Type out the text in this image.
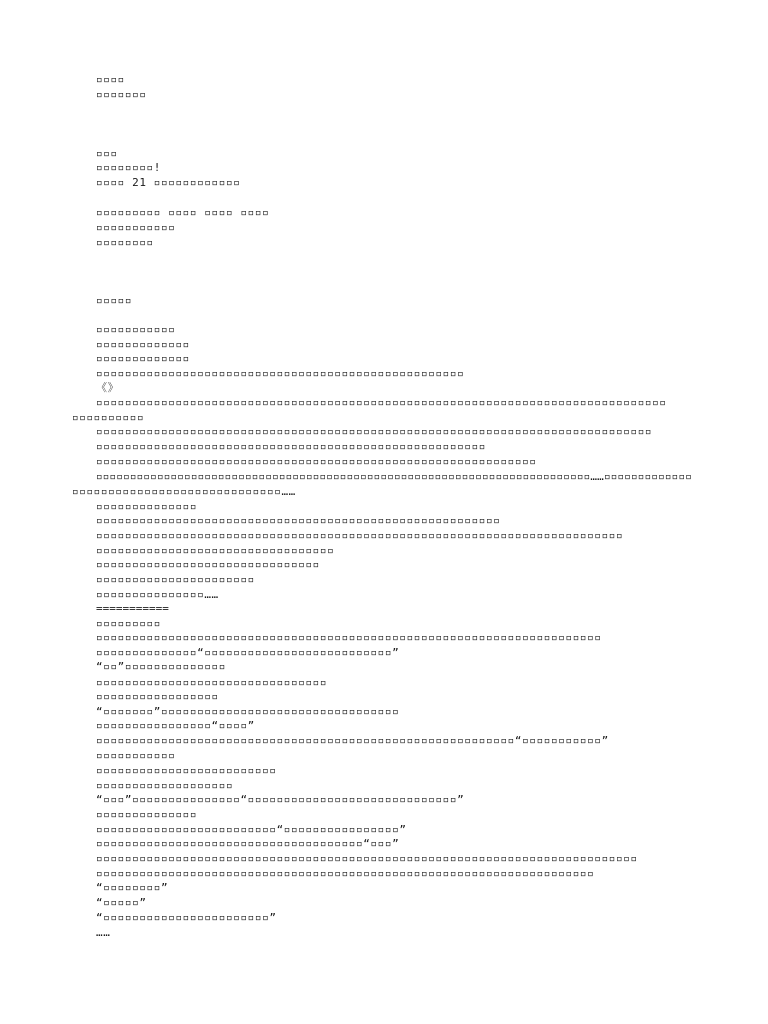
▫▫▫▫
▫▫▫▫▫▫▫
▫▫▫
▫▫▫▫▫▫▫▫!
▫▫▫▫ 21 ▫▫▫▫▫▫▫▫▫▫▫▫
▫▫▫▫▫▫▫▫▫ ▫▫▫▫ ▫▫▫▫ ▫▫▫▫
▫▫▫▫▫▫▫▫▫▫▫
▫▫▫▫▫▫▫▫
▫▫▫▫▫
▫▫▫▫▫▫▫▫▫▫▫
▫▫▫▫▫▫▫▫▫▫▫▫▫
▫▫▫▫▫▫▫▫▫▫▫▫▫
▫▫▫▫▫▫▫▫▫▫▫▫▫▫▫▫▫▫▫▫▫▫▫▫▫▫▫▫▫▫▫▫▫▫▫▫▫▫▫▫▫▫▫▫▫▫▫▫▫▫▫
《》
▫▫▫▫▫▫▫▫▫▫▫▫▫▫▫▫▫▫▫▫▫▫▫▫▫▫▫▫▫▫▫▫▫▫▫▫▫▫▫▫▫▫▫▫▫▫▫▫▫▫▫▫▫▫▫▫▫▫▫▫▫▫▫▫▫▫▫▫▫▫▫▫▫▫▫▫▫▫▫
▫▫▫▫▫▫▫▫▫▫
▫▫▫▫▫▫▫▫▫▫▫▫▫▫▫▫▫▫▫▫▫▫▫▫▫▫▫▫▫▫▫▫▫▫▫▫▫▫▫▫▫▫▫▫▫▫▫▫▫▫▫▫▫▫▫▫▫▫▫▫▫▫▫▫▫▫▫▫▫▫▫▫▫▫▫▫▫
▫▫▫▫▫▫▫▫▫▫▫▫▫▫▫▫▫▫▫▫▫▫▫▫▫▫▫▫▫▫▫▫▫▫▫▫▫▫▫▫▫▫▫▫▫▫▫▫▫▫▫▫▫▫
▫▫▫▫▫▫▫▫▫▫▫▫▫▫▫▫▫▫▫▫▫▫▫▫▫▫▫▫▫▫▫▫▫▫▫▫▫▫▫▫▫▫▫▫▫▫▫▫▫▫▫▫▫▫▫▫▫▫▫▫▫
▫▫▫▫▫▫▫▫▫▫▫▫▫▫▫▫▫▫▫▫▫▫▫▫▫▫▫▫▫▫▫▫▫▫▫▫▫▫▫▫▫▫▫▫▫▫▫▫▫▫▫▫▫▫▫▫▫▫▫▫▫▫▫▫▫▫▫▫▫▫▫▫▫……▫▫▫▫▫▫▫▫▫▫▫▫▫
▫▫▫▫▫▫▫▫▫▫▫▫▫▫▫▫▫▫▫▫▫▫▫▫▫▫▫▫▫……
▫▫▫▫▫▫▫▫▫▫▫▫▫▫
▫▫▫▫▫▫▫▫▫▫▫▫▫▫▫▫▫▫▫▫▫▫▫▫▫▫▫▫▫▫▫▫▫▫▫▫▫▫▫▫▫▫▫▫▫▫▫▫▫▫▫▫▫▫▫▫
▫▫▫▫▫▫▫▫▫▫▫▫▫▫▫▫▫▫▫▫▫▫▫▫▫▫▫▫▫▫▫▫▫▫▫▫▫▫▫▫▫▫▫▫▫▫▫▫▫▫▫▫▫▫▫▫▫▫▫▫▫▫▫▫▫▫▫▫▫▫▫▫▫
▫▫▫▫▫▫▫▫▫▫▫▫▫▫▫▫▫▫▫▫▫▫▫▫▫▫▫▫▫▫▫▫▫
▫▫▫▫▫▫▫▫▫▫▫▫▫▫▫▫▫▫▫▫▫▫▫▫▫▫▫▫▫▫▫
▫▫▫▫▫▫▫▫▫▫▫▫▫▫▫▫▫▫▫▫▫▫
▫▫▫▫▫▫▫▫▫▫▫▫▫▫▫……
===========
▫▫▫▫▫▫▫▫▫
▫▫▫▫▫▫▫▫▫▫▫▫▫▫▫▫▫▫▫▫▫▫▫▫▫▫▫▫▫▫▫▫▫▫▫▫▫▫▫▫▫▫▫▫▫▫▫▫▫▫▫▫▫▫▫▫▫▫▫▫▫▫▫▫▫▫▫▫▫▫
▫▫▫▫▫▫▫▫▫▫▫▫▫▫“▫▫▫▫▫▫▫▫▫▫▫▫▫▫▫▫▫▫▫▫▫▫▫▫▫▫”
“▫▫”▫▫▫▫▫▫▫▫▫▫▫▫▫▫
▫▫▫▫▫▫▫▫▫▫▫▫▫▫▫▫▫▫▫▫▫▫▫▫▫▫▫▫▫▫▫▫
▫▫▫▫▫▫▫▫▫▫▫▫▫▫▫▫▫
“▫▫▫▫▫▫▫”▫▫▫▫▫▫▫▫▫▫▫▫▫▫▫▫▫▫▫▫▫▫▫▫▫▫▫▫▫▫▫▫▫
▫▫▫▫▫▫▫▫▫▫▫▫▫▫▫▫“▫▫▫▫”
▫▫▫▫▫▫▫▫▫▫▫▫▫▫▫▫▫▫▫▫▫▫▫▫▫▫▫▫▫▫▫▫▫▫▫▫▫▫▫▫▫▫▫▫▫▫▫▫▫▫▫▫▫▫▫▫▫▫“▫▫▫▫▫▫▫▫▫▫▫”
▫▫▫▫▫▫▫▫▫▫▫
▫▫▫▫▫▫▫▫▫▫▫▫▫▫▫▫▫▫▫▫▫▫▫▫▫
▫▫▫▫▫▫▫▫▫▫▫▫▫▫▫▫▫▫▫
“▫▫▫”▫▫▫▫▫▫▫▫▫▫▫▫▫▫▫“▫▫▫▫▫▫▫▫▫▫▫▫▫▫▫▫▫▫▫▫▫▫▫▫▫▫▫▫▫”
▫▫▫▫▫▫▫▫▫▫▫▫▫▫
▫▫▫▫▫▫▫▫▫▫▫▫▫▫▫▫▫▫▫▫▫▫▫▫▫“▫▫▫▫▫▫▫▫▫▫▫▫▫▫▫▫”
▫▫▫▫▫▫▫▫▫▫▫▫▫▫▫▫▫▫▫▫▫▫▫▫▫▫▫▫▫▫▫▫▫▫▫▫▫“▫▫▫”
▫▫▫▫▫▫▫▫▫▫▫▫▫▫▫▫▫▫▫▫▫▫▫▫▫▫▫▫▫▫▫▫▫▫▫▫▫▫▫▫▫▫▫▫▫▫▫▫▫▫▫▫▫▫▫▫▫▫▫▫▫▫▫▫▫▫▫▫▫▫▫▫▫▫▫
▫▫▫▫▫▫▫▫▫▫▫▫▫▫▫▫▫▫▫▫▫▫▫▫▫▫▫▫▫▫▫▫▫▫▫▫▫▫▫▫▫▫▫▫▫▫▫▫▫▫▫▫▫▫▫▫▫▫▫▫▫▫▫▫▫▫▫▫▫
“▫▫▫▫▫▫▫▫”
“▫▫▫▫▫”
“▫▫▫▫▫▫▫▫▫▫▫▫▫▫▫▫▫▫▫▫▫▫▫”
……
